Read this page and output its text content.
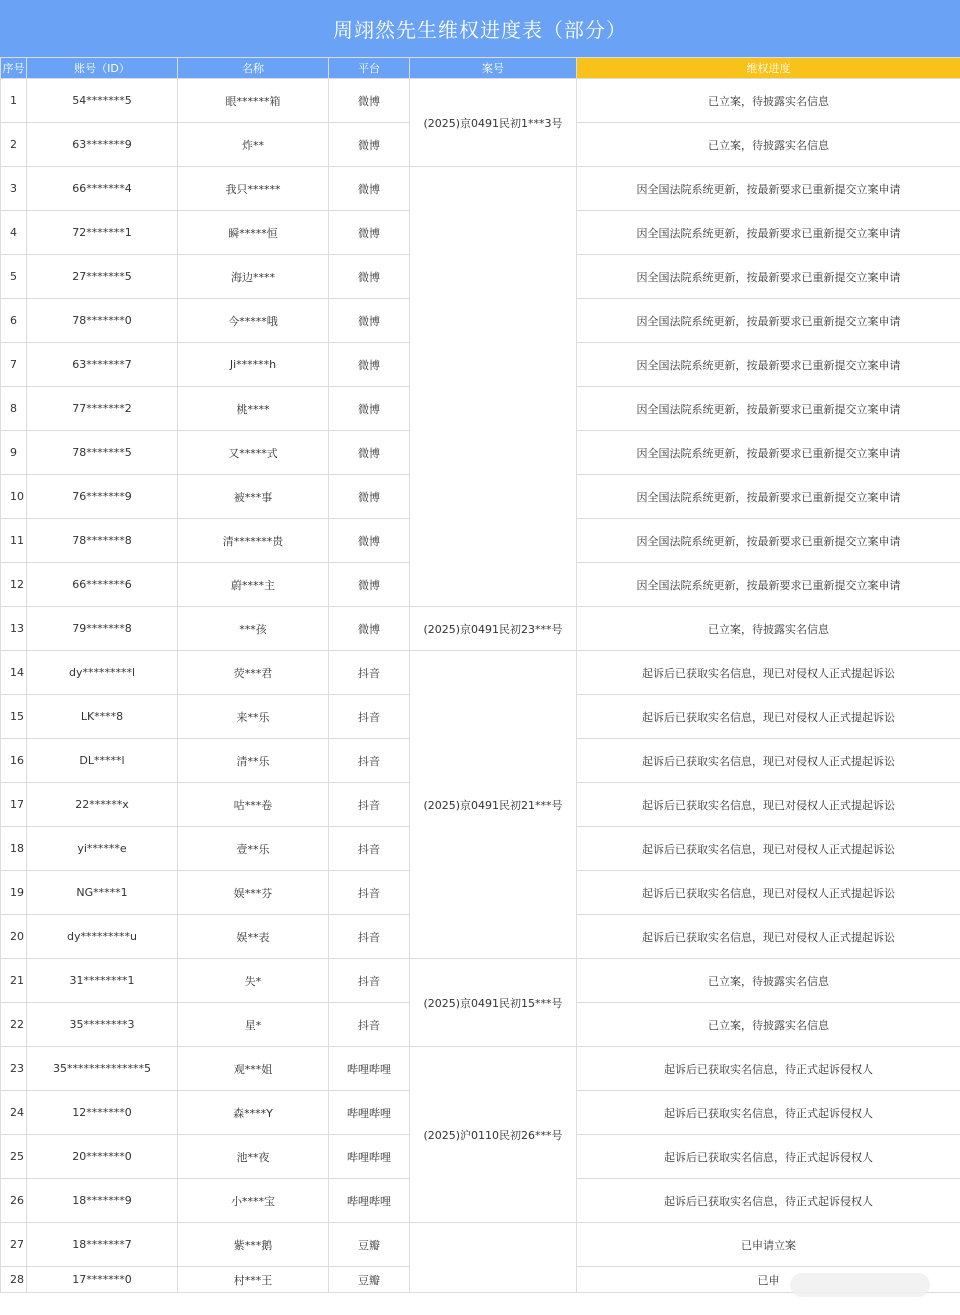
周翊然先生维权进度表（部分）
序号	账号（ID）	名称	平台	案号	维权进度
1	54*******5	眼******箱	微博	(2025)京0491民初1***3号	已立案，待披露实名信息
2	63*******9	炸**	微博		已立案，待披露实名信息
3	66*******4	我只******	微博		因全国法院系统更新，按最新要求已重新提交立案申请
4	72*******1	瞬*****恒	微博		因全国法院系统更新，按最新要求已重新提交立案申请
5	27*******5	海边****	微博		因全国法院系统更新，按最新要求已重新提交立案申请
6	78*******0	今*****哦	微博		因全国法院系统更新，按最新要求已重新提交立案申请
7	63*******7	Ji******h	微博		因全国法院系统更新，按最新要求已重新提交立案申请
8	77*******2	桃****	微博		因全国法院系统更新，按最新要求已重新提交立案申请
9	78*******5	又*****式	微博		因全国法院系统更新，按最新要求已重新提交立案申请
10	76*******9	被***事	微博		因全国法院系统更新，按最新要求已重新提交立案申请
11	78*******8	清*******贵	微博		因全国法院系统更新，按最新要求已重新提交立案申请
12	66*******6	蔚****主	微博		因全国法院系统更新，按最新要求已重新提交立案申请
13	79*******8	***孩	微博	(2025)京0491民初23***号	已立案，待披露实名信息
14	dy*********l	荧***君	抖音	(2025)京0491民初21***号	起诉后已获取实名信息，现已对侵权人正式提起诉讼
15	LK****8	来**乐	抖音		起诉后已获取实名信息，现已对侵权人正式提起诉讼
16	DL*****l	清**乐	抖音		起诉后已获取实名信息，现已对侵权人正式提起诉讼
17	22******x	咕***卷	抖音		起诉后已获取实名信息，现已对侵权人正式提起诉讼
18	yi******e	壹**乐	抖音		起诉后已获取实名信息，现已对侵权人正式提起诉讼
19	NG*****1	娱***芬	抖音		起诉后已获取实名信息，现已对侵权人正式提起诉讼
20	dy*********u	娱**表	抖音		起诉后已获取实名信息，现已对侵权人正式提起诉讼
21	31********1	失*	抖音	(2025)京0491民初15***号	已立案，待披露实名信息
22	35********3	星*	抖音		已立案，待披露实名信息
23	35**************5	观***姐	哔哩哔哩	(2025)沪0110民初26***号	起诉后已获取实名信息，待正式起诉侵权人
24	12*******0	森****Y	哔哩哔哩		起诉后已获取实名信息，待正式起诉侵权人
25	20*******0	池**夜	哔哩哔哩		起诉后已获取实名信息，待正式起诉侵权人
26	18*******9	小****宝	哔哩哔哩		起诉后已获取实名信息，待正式起诉侵权人
27	18*******7	紫***鹅	豆瓣		已申请立案
28	17*******0	村***王	豆瓣		已申
